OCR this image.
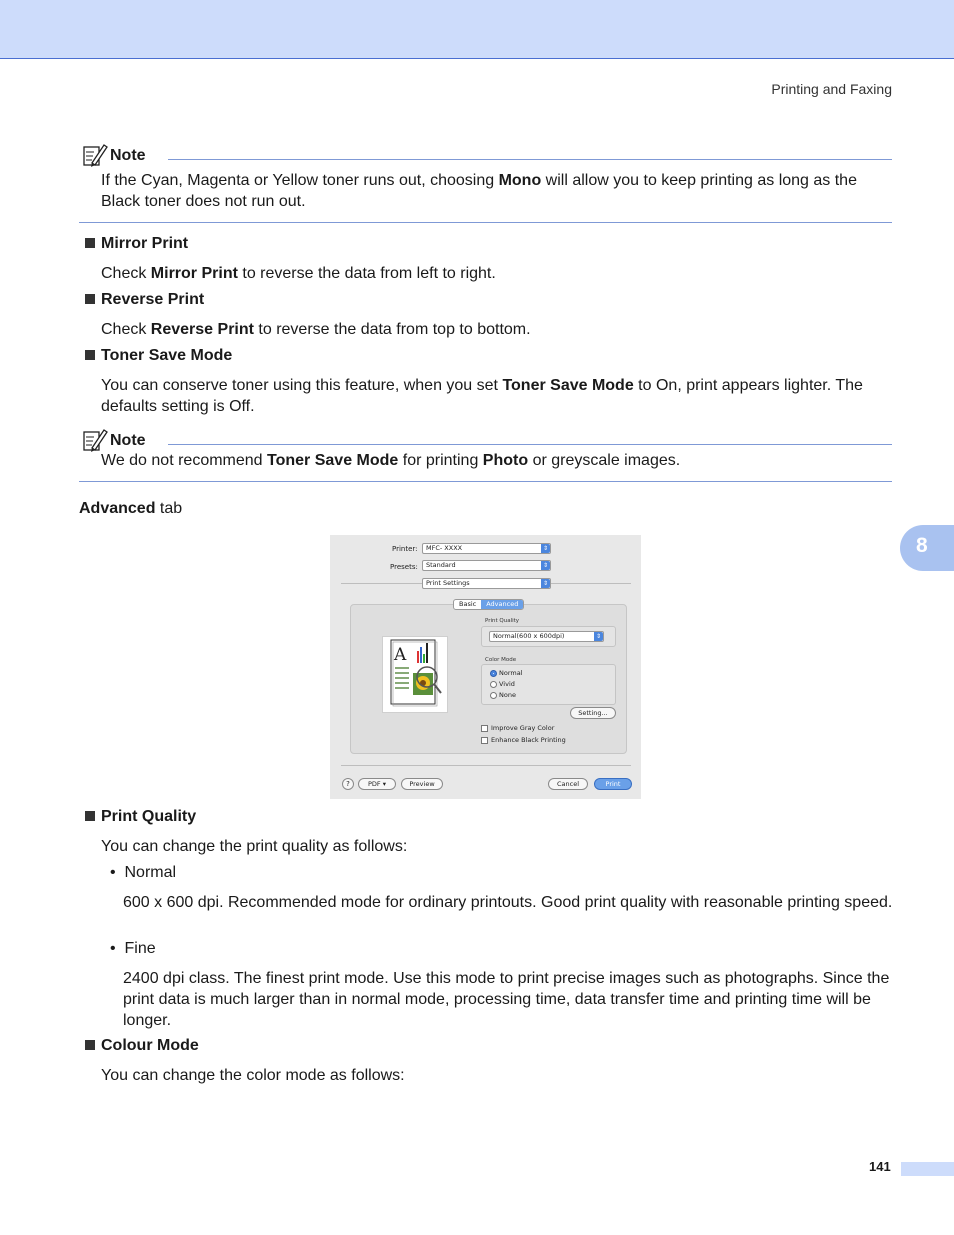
Printing and Faxing
8
Note
If the Cyan, Magenta or Yellow toner runs out, choosing Mono will allow you to keep printing as long as the Black toner does not run out.
Mirror Print
Check Mirror Print to reverse the data from left to right.
Reverse Print
Check Reverse Print to reverse the data from top to bottom.
Toner Save Mode
You can conserve toner using this feature, when you set Toner Save Mode to On, print appears lighter. The defaults setting is Off.
Note
We do not recommend Toner Save Mode for printing Photo or greyscale images.
Advanced tab
Printer:	MFC- XXXX	⇕
Presets:	Standard	⇕
Print Settings	⇕
Basic	Advanced
A
Print Quality
Normal(600 x 600dpi)	⇕
Color Mode
Normal
Vivid
None
Setting...
Improve Gray Color
Enhance Black Printing
?	PDF ▾	Preview	Cancel	Print
Print Quality
You can change the print quality as follows:
•  Normal
600 x 600 dpi. Recommended mode for ordinary printouts. Good print quality with reasonable printing speed.
•  Fine
2400 dpi class. The finest print mode. Use this mode to print precise images such as photographs. Since the print data is much larger than in normal mode, processing time, data transfer time and printing time will be longer.
Colour Mode
You can change the color mode as follows:
141
